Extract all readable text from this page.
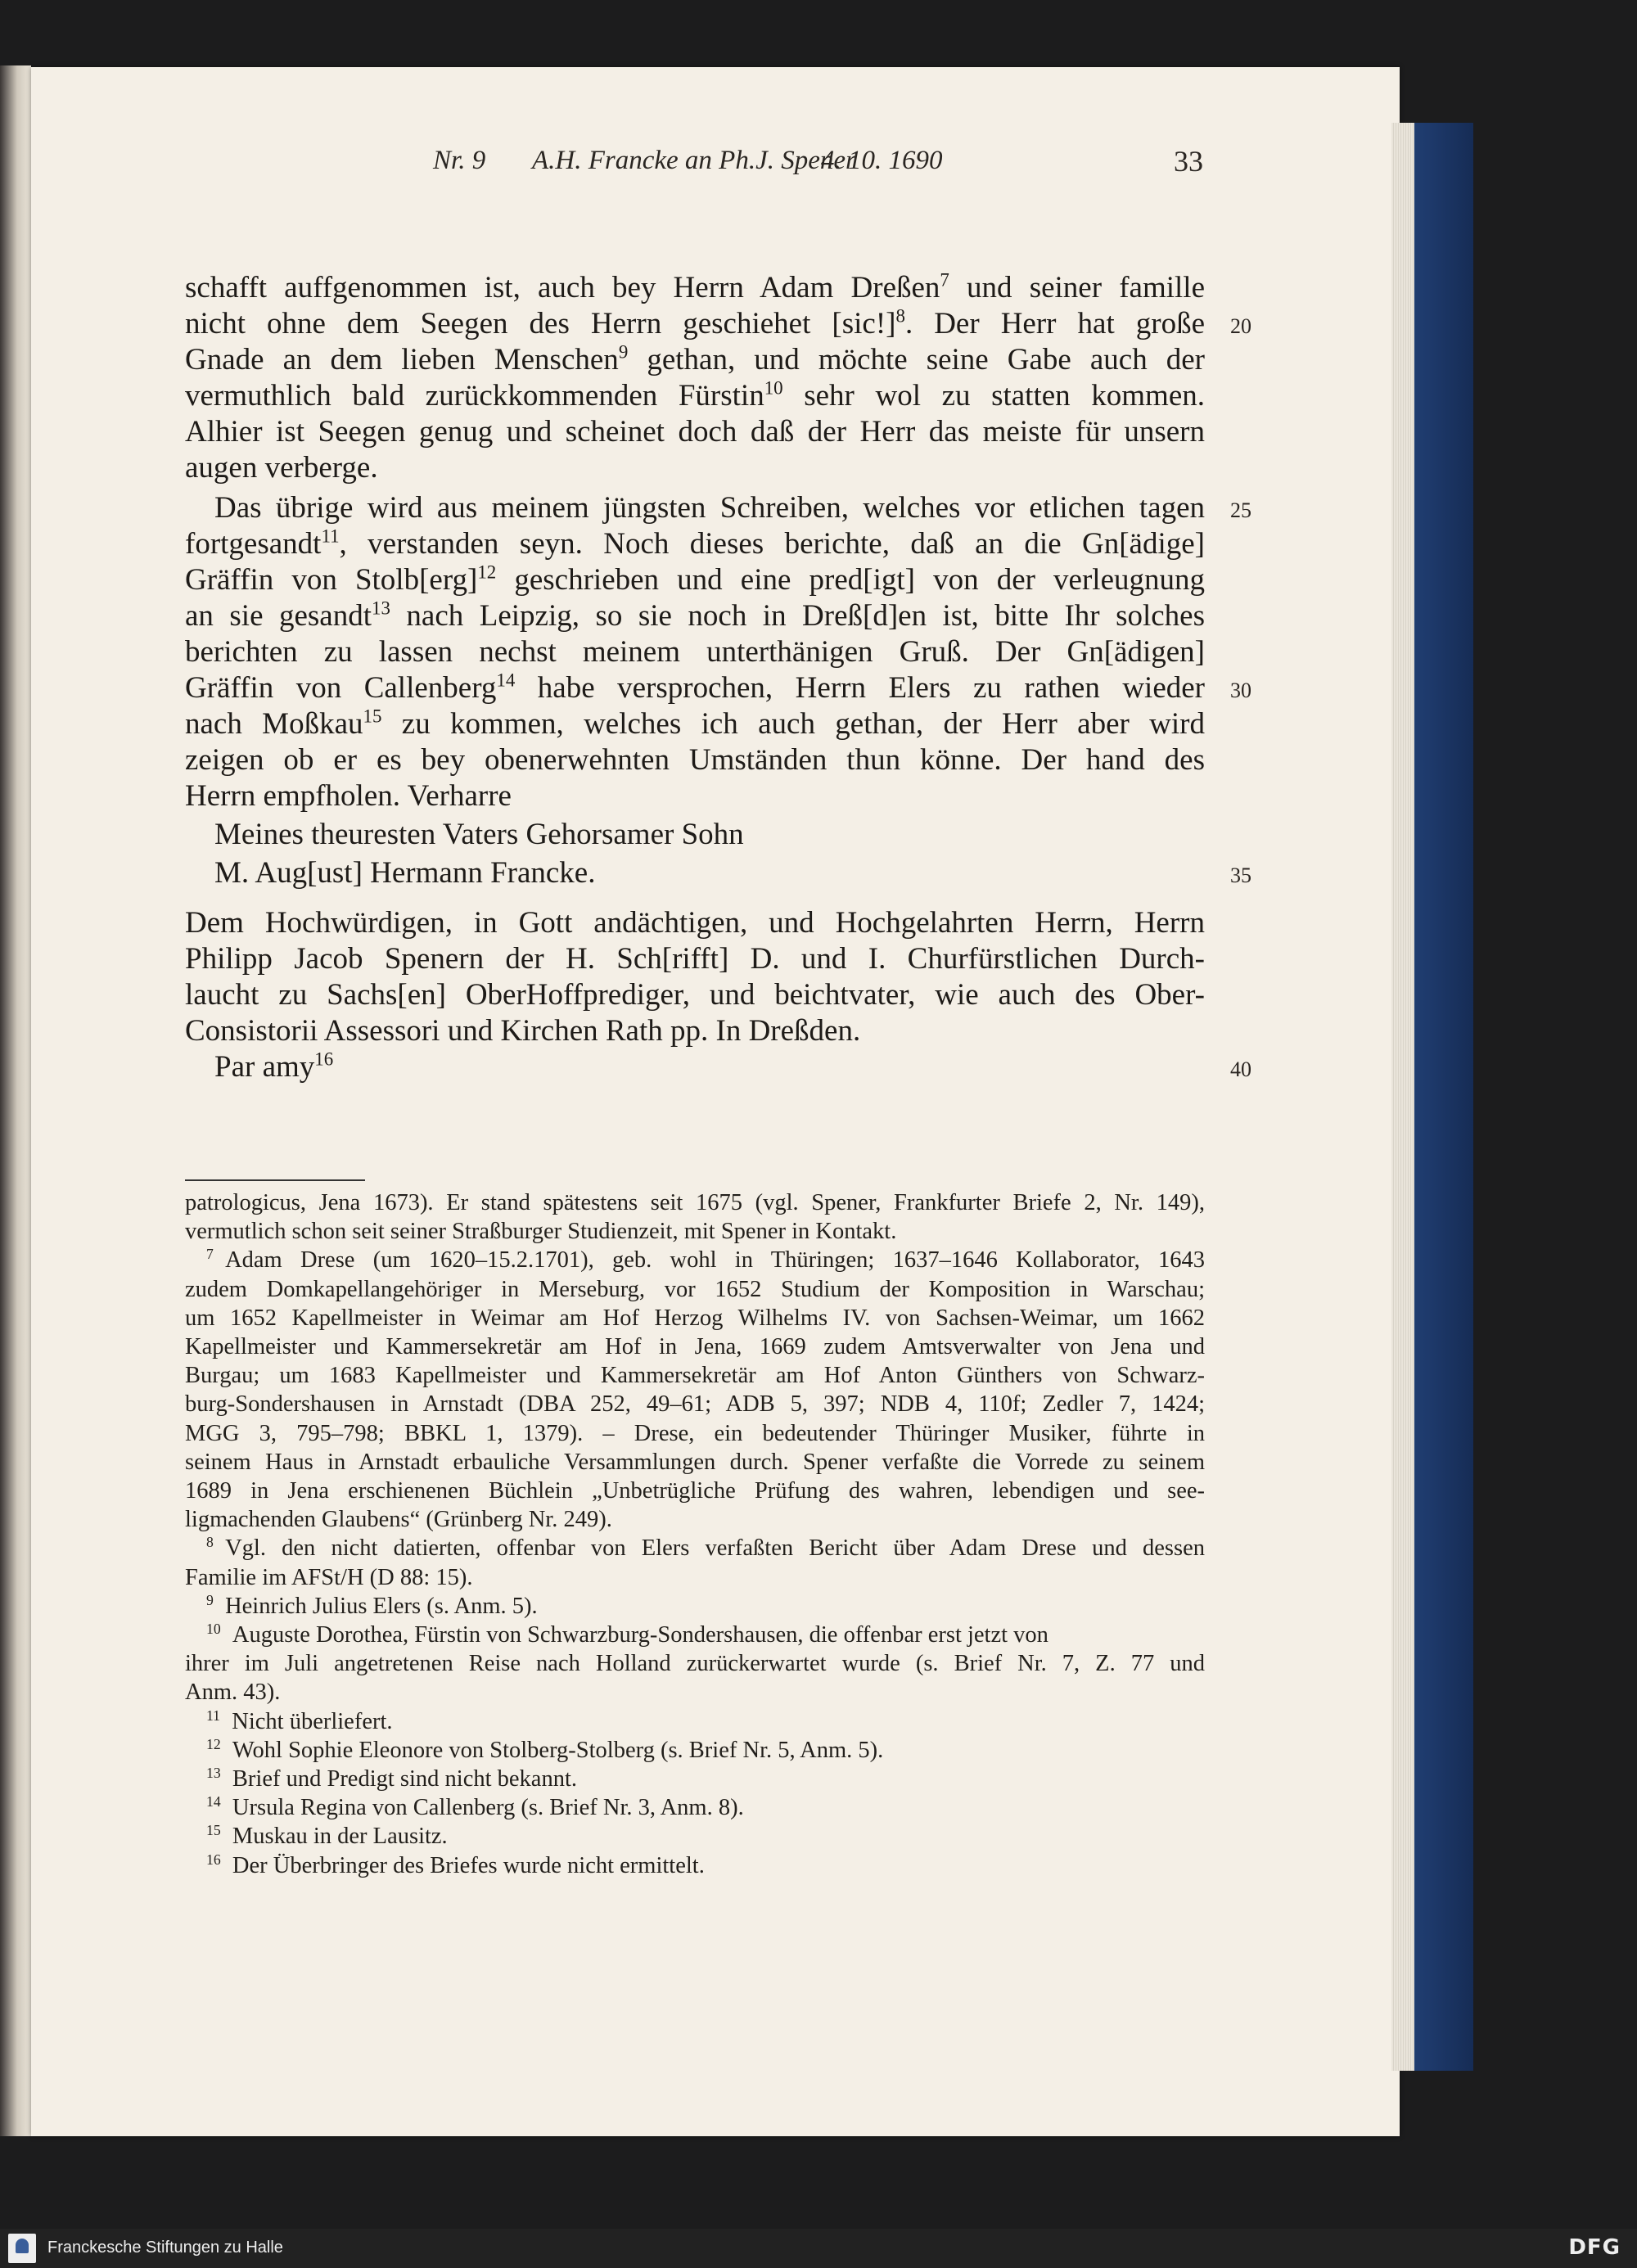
Nr. 9 A.H. Francke an Ph.J. Spener
4. 10. 1690	33
schafft auffgenommen ist, auch bey Herrn Adam Dreßen$^7$ und seiner famille
nicht ohne dem Seegen des Herrn geschiehet $[sic!]^8$. Der Herr hat große 20
Gnade an dem lieben Menschen$^9$ gethan, und möchte seine Gabe auch der
vermuthlich bald zurückkommenden Fürstin$^{10}$ sehr wol zu statten kommen.
Alhier ist Seegen genug und scheinet doch daß der Herr das meiste für unsern
augen verberge.
Das übrige wird aus meinem jüngsten Schreiben, welches vor etlichen tagen 25
fortgesandt$^{11}$, verstanden seyn. Noch dieses berichte, daß an die Gn[ädige]
Gräffin von Stolb[erg]$^{12}$ geschrieben und eine pred[igt] von der verleugnung
an sie gesandt$^{13}$ nach Leipzig, so sie noch in Dreß[d]en ist, bitte Ihr solches
berichten zu lassen nechst meinem unterthänigen Gruß. Der Gn[ädigen]
Gräffin von Callenberg$^{14}$ habe versprochen, Herrn Elers zu rathen wieder 30
nach Moßkau$^{15}$ zu kommen, welches ich auch gethan, der Herr aber wird
zeigen ob er es bey obenerwehnten Umständen thun könne. Der hand des
Herrn empfholen. Verharre
Meines theuresten Vaters Gehorsamer Sohn
M. Aug[ust] Hermann Francke.	35
Dem Hochwürdigen, in Gott andächtigen, und Hochgelahrten Herrn, Herrn
Philipp Jacob Spenern der H. Sch[rifft] D. und I. Churfürstlichen Durch-
laucht zu Sachs[en] OberHoffprediger, und beichtvater, wie auch des Ober-
Consistorii Assessori und Kirchen Rath pp. In Dreßden.
Par amy$^{16}$	40
patrologicus, Jena 1673). Er stand spätestens seit 1675 (vgl. Spener, Frankfurter Briefe 2, Nr. 149),
vermutlich schon seit seiner Straßburger Studienzeit, mit Spener in Kontakt.
$^7$  Adam Drese (um 1620–15.2.1701), geb. wohl in Thüringen; 1637–1646 Kollaborator, 1643
zudem Domkapellangehöriger in Merseburg, vor 1652 Studium der Komposition in Warschau;
um 1652 Kapellmeister in Weimar am Hof Herzog Wilhelms IV. von Sachsen-Weimar, um 1662
Kapellmeister und Kammersekretär am Hof in Jena, 1669 zudem Amtsverwalter von Jena und
Burgau; um 1683 Kapellmeister und Kammersekretär am Hof Anton Günthers von Schwarz-
burg-Sondershausen in Arnstadt (DBA 252, 49–61; ADB 5, 397; NDB 4, 110f; Zedler 7, 1424;
MGG 3, 795–798; BBKL 1, 1379). – Drese, ein bedeutender Thüringer Musiker, führte in
seinem Haus in Arnstadt erbauliche Versammlungen durch. Spener verfaßte die Vorrede zu seinem
1689 in Jena erschienenen Büchlein „Unbetrügliche Prüfung des wahren, lebendigen und see-
ligmachenden Glaubens“ (Grünberg Nr. 249).
$^8$  Vgl. den nicht datierten, offenbar von Elers verfaßten Bericht über Adam Drese und dessen
Familie im AFSt/H (D 88: 15).
$^9$  Heinrich Julius Elers (s. Anm. 5).
$^{10}$  Auguste Dorothea, Fürstin von Schwarzburg-Sondershausen, die offenbar erst jetzt von
ihrer im Juli angetretenen Reise nach Holland zurückerwartet wurde (s. Brief Nr. 7, Z. 77 und
Anm. 43).
$^{11}$  Nicht überliefert.
$^{12}$  Wohl Sophie Eleonore von Stolberg-Stolberg (s. Brief Nr. 5, Anm. 5).
$^{13}$  Brief und Predigt sind nicht bekannt.
$^{14}$  Ursula Regina von Callenberg (s. Brief Nr. 3, Anm. 8).
$^{15}$  Muskau in der Lausitz.
$^{16}$  Der Überbringer des Briefes wurde nicht ermittelt.
Franckesche Stiftungen zu Halle	DFG
